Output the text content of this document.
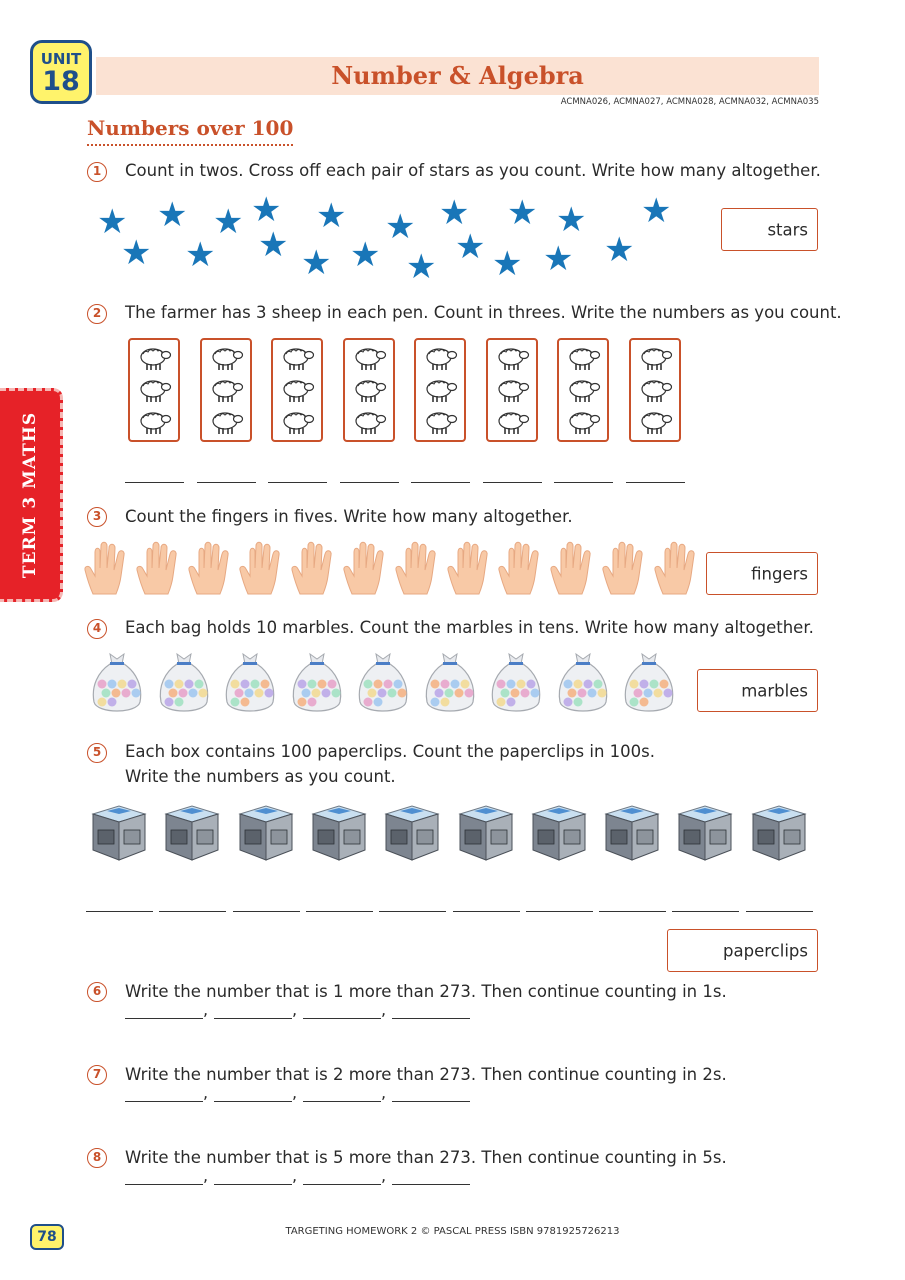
UNIT
18	Number & Algebra
ACMNA026, ACMNA027, ACMNA028, ACMNA032, ACMNA035
Numbers over 100
TERM 3 MATHS
1	Count in twos. Cross off each pair of stars as you count. Write how many altogether.
★ ★ ★ ★ ★ ★ ★ ★ ★ ★
★ ★ ★ ★ ★ ★ ★ ★ ★ ★
stars
2	The farmer has 3 sheep in each pen. Count in threes. Write the numbers as you count.
3	Count the fingers in fives. Write how many altogether.
fingers
4	Each bag holds 10 marbles. Count the marbles in tens. Write how many altogether.
marbles
5	Each box contains 100 paperclips. Count the paperclips in 100s.
Write the numbers as you count.
paperclips
6	Write the number that is 1 more than 273. Then continue counting in 1s.
,	,	,
7	Write the number that is 2 more than 273. Then continue counting in 2s.
,	,	,
8	Write the number that is 5 more than 273. Then continue counting in 5s.
,	,	,
78	TARGETING HOMEWORK 2 © PASCAL PRESS ISBN 9781925726213
